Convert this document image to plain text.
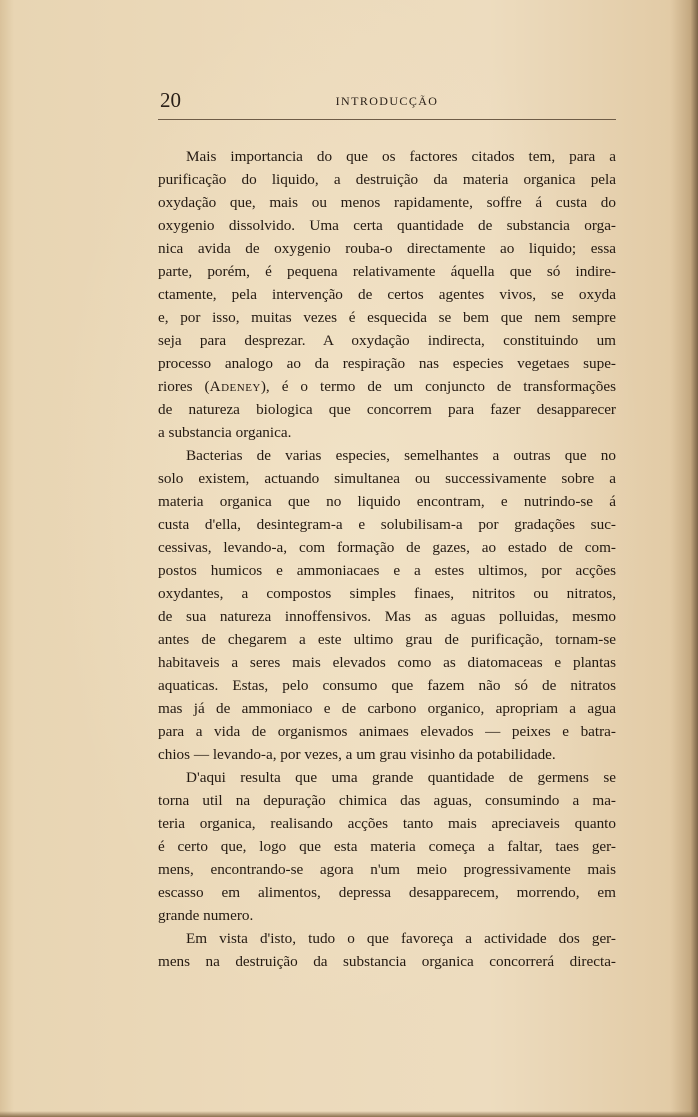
20	INTRODUCÇÃO
Mais importancia do que os factores citados tem, para a
purificação do liquido, a destruição da materia organica pela
oxydação que, mais ou menos rapidamente, soffre á custa do
oxygenio dissolvido. Uma certa quantidade de substancia orga-
nica avida de oxygenio rouba-o directamente ao liquido; essa
parte, porém, é pequena relativamente áquella que só indire-
ctamente, pela intervenção de certos agentes vivos, se oxyda
e, por isso, muitas vezes é esquecida se bem que nem sempre
seja para desprezar. A oxydação indirecta, constituindo um
processo analogo ao da respiração nas especies vegetaes supe-
riores (Adeney), é o termo de um conjuncto de transformações
de natureza biologica que concorrem para fazer desapparecer
a substancia organica.
Bacterias de varias especies, semelhantes a outras que no
solo existem, actuando simultanea ou successivamente sobre a
materia organica que no liquido encontram, e nutrindo-se á
custa d'ella, desintegram-a e solubilisam-a por gradações suc-
cessivas, levando-a, com formação de gazes, ao estado de com-
postos humicos e ammoniacaes e a estes ultimos, por acções
oxydantes, a compostos simples finaes, nitritos ou nitratos,
de sua natureza innoffensivos. Mas as aguas polluidas, mesmo
antes de chegarem a este ultimo grau de purificação, tornam-se
habitaveis a seres mais elevados como as diatomaceas e plantas
aquaticas. Estas, pelo consumo que fazem não só de nitratos
mas já de ammoniaco e de carbono organico, apropriam a agua
para a vida de organismos animaes elevados — peixes e batra-
chios — levando-a, por vezes, a um grau visinho da potabilidade.
D'aqui resulta que uma grande quantidade de germens se
torna util na depuração chimica das aguas, consumindo a ma-
teria organica, realisando acções tanto mais apreciaveis quanto
é certo que, logo que esta materia começa a faltar, taes ger-
mens, encontrando-se agora n'um meio progressivamente mais
escasso em alimentos, depressa desapparecem, morrendo, em
grande numero.
Em vista d'isto, tudo o que favoreça a actividade dos ger-
mens na destruição da substancia organica concorrerá directa-
